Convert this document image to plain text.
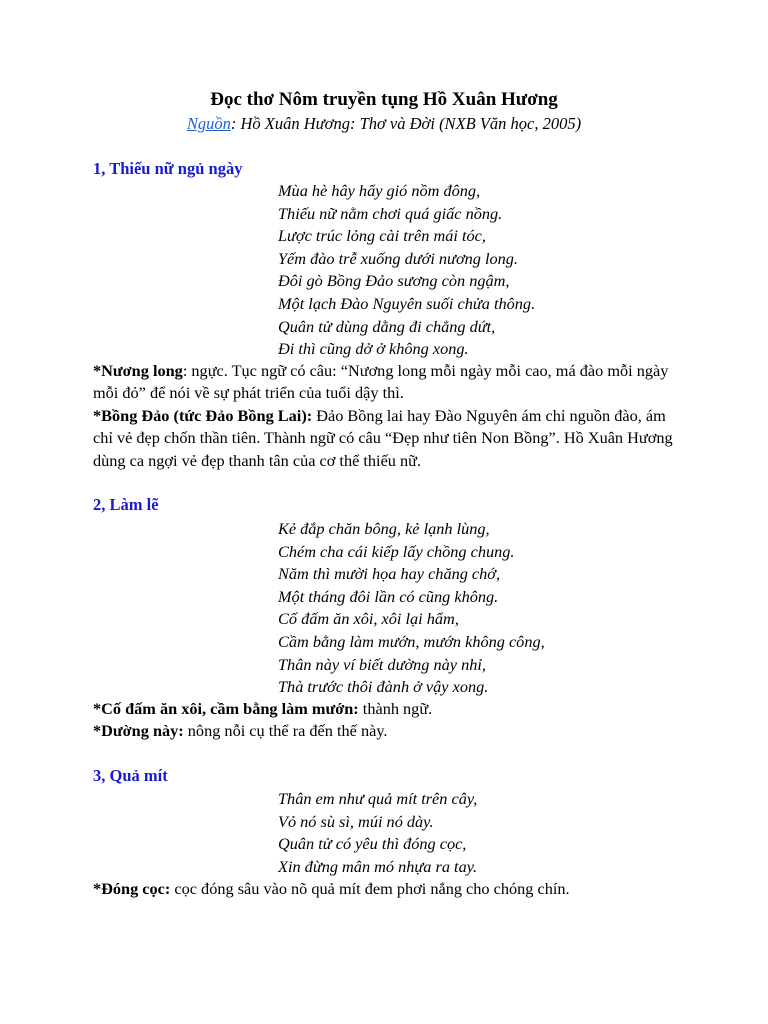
Đọc thơ Nôm truyền tụng Hồ Xuân Hương

Nguồn: Hồ Xuân Hương: Thơ và Đời (NXB Văn học, 2005)

1, Thiếu nữ ngủ ngày
Mùa hè hây hẩy gió nồm đông,
Thiếu nữ nằm chơi quá giấc nồng.
Lược trúc lỏng cài trên mái tóc,
Yếm đào trễ xuống dưới nương long.
Đôi gò Bồng Đảo sương còn ngậm,
Một lạch Đào Nguyên suối chửa thông.
Quân tử dùng dằng đi chẳng dứt,
Đi thì cũng dở ở không xong.

*Nương long: ngực. Tục ngữ có câu: “Nương long mỗi ngày mỗi cao, má đào mỗi ngày mỗi đỏ” để nói về sự phát triển của tuổi dậy thì.

*Bồng Đảo (tức Đảo Bồng Lai): Đảo Bồng lai hay Đào Nguyên ám chỉ nguồn đào, ám chỉ vẻ đẹp chốn thần tiên. Thành ngữ có câu “Đẹp như tiên Non Bồng”. Hồ Xuân Hương dùng ca ngợi vẻ đẹp thanh tân của cơ thể thiếu nữ.

2, Làm lẽ
Kẻ đắp chăn bông, kẻ lạnh lùng,
Chém cha cái kiếp lấy chồng chung.
Năm thì mười họa hay chăng chớ,
Một tháng đôi lần có cũng không.
Cố đấm ăn xôi, xôi lại hẩm,
Cầm bằng làm mướn, mướn không công,
Thân này ví biết dường này nhỉ,
Thà trước thôi đành ở vậy xong.

*Cố đấm ăn xôi, cầm bằng làm mướn: thành ngữ.

*Dường này: nông nỗi cụ thể ra đến thế này.

3, Quả mít
Thân em như quả mít trên cây,
Vỏ nó sù sì, múi nó dày.
Quân tử có yêu thì đóng cọc,
Xin đừng mân mó nhựa ra tay.

*Đóng cọc: cọc đóng sâu vào nõ quả mít đem phơi nắng cho chóng chín.
